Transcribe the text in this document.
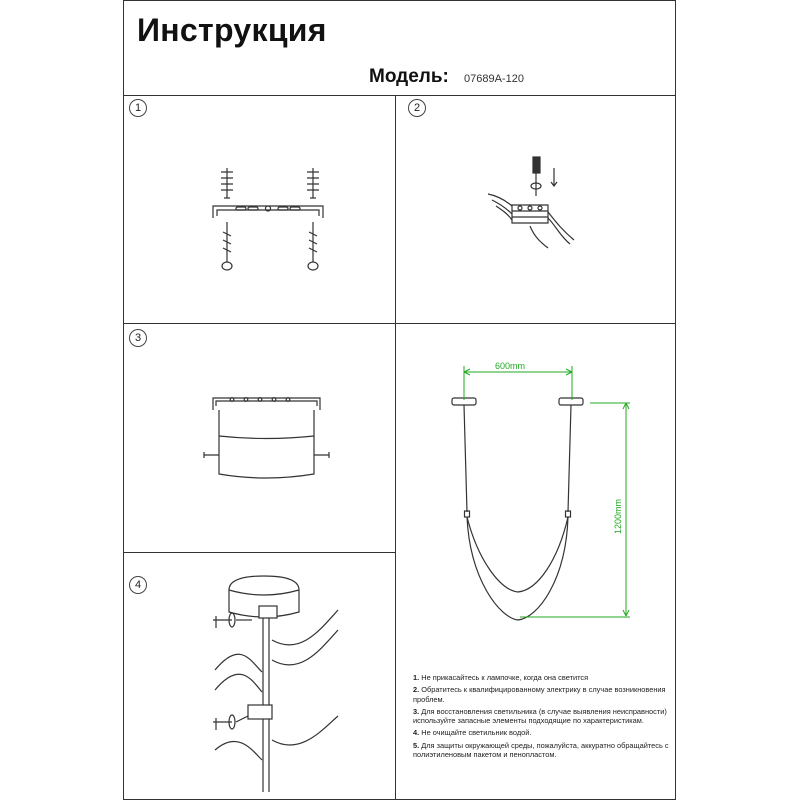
Инструкция
Модель: 07689A-120
1	2
3
4
600mm
1200mm
1. Не прикасайтесь к лампочке, когда она светится
2. Обратитесь к квалифицированному электрику в случае возникновения проблем.
3. Для восстановления светильника (в случае выявления неисправности) используйте запасные элементы подходящие по характеристикам.
4. Не очищайте светильник водой.
5. Для защиты окружающей среды, пожалуйста, аккуратно обращайтесь с полиэтиленовым пакетом и пенопластом.
